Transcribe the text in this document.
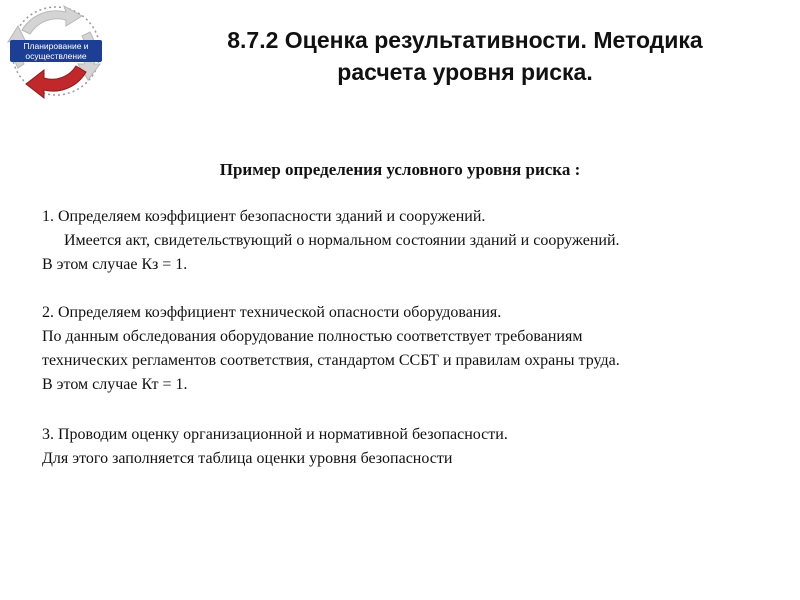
Планирование и осуществление
8.7.2 Оценка результативности. Методика
расчета уровня риска.
Пример определения условного уровня риска :
1. Определяем коэффициент безопасности зданий и сооружений.
Имеется акт, свидетельствующий о нормальном состоянии зданий и сооружений.
В этом случае Кз = 1.
2. Определяем коэффициент технической опасности оборудования.
По данным обследования оборудование полностью соответствует требованиям
технических регламентов соответствия, стандартом ССБТ и правилам охраны труда.
В этом случае Кт = 1.
3. Проводим оценку организационной и нормативной безопасности.
Для этого заполняется таблица оценки уровня безопасности
